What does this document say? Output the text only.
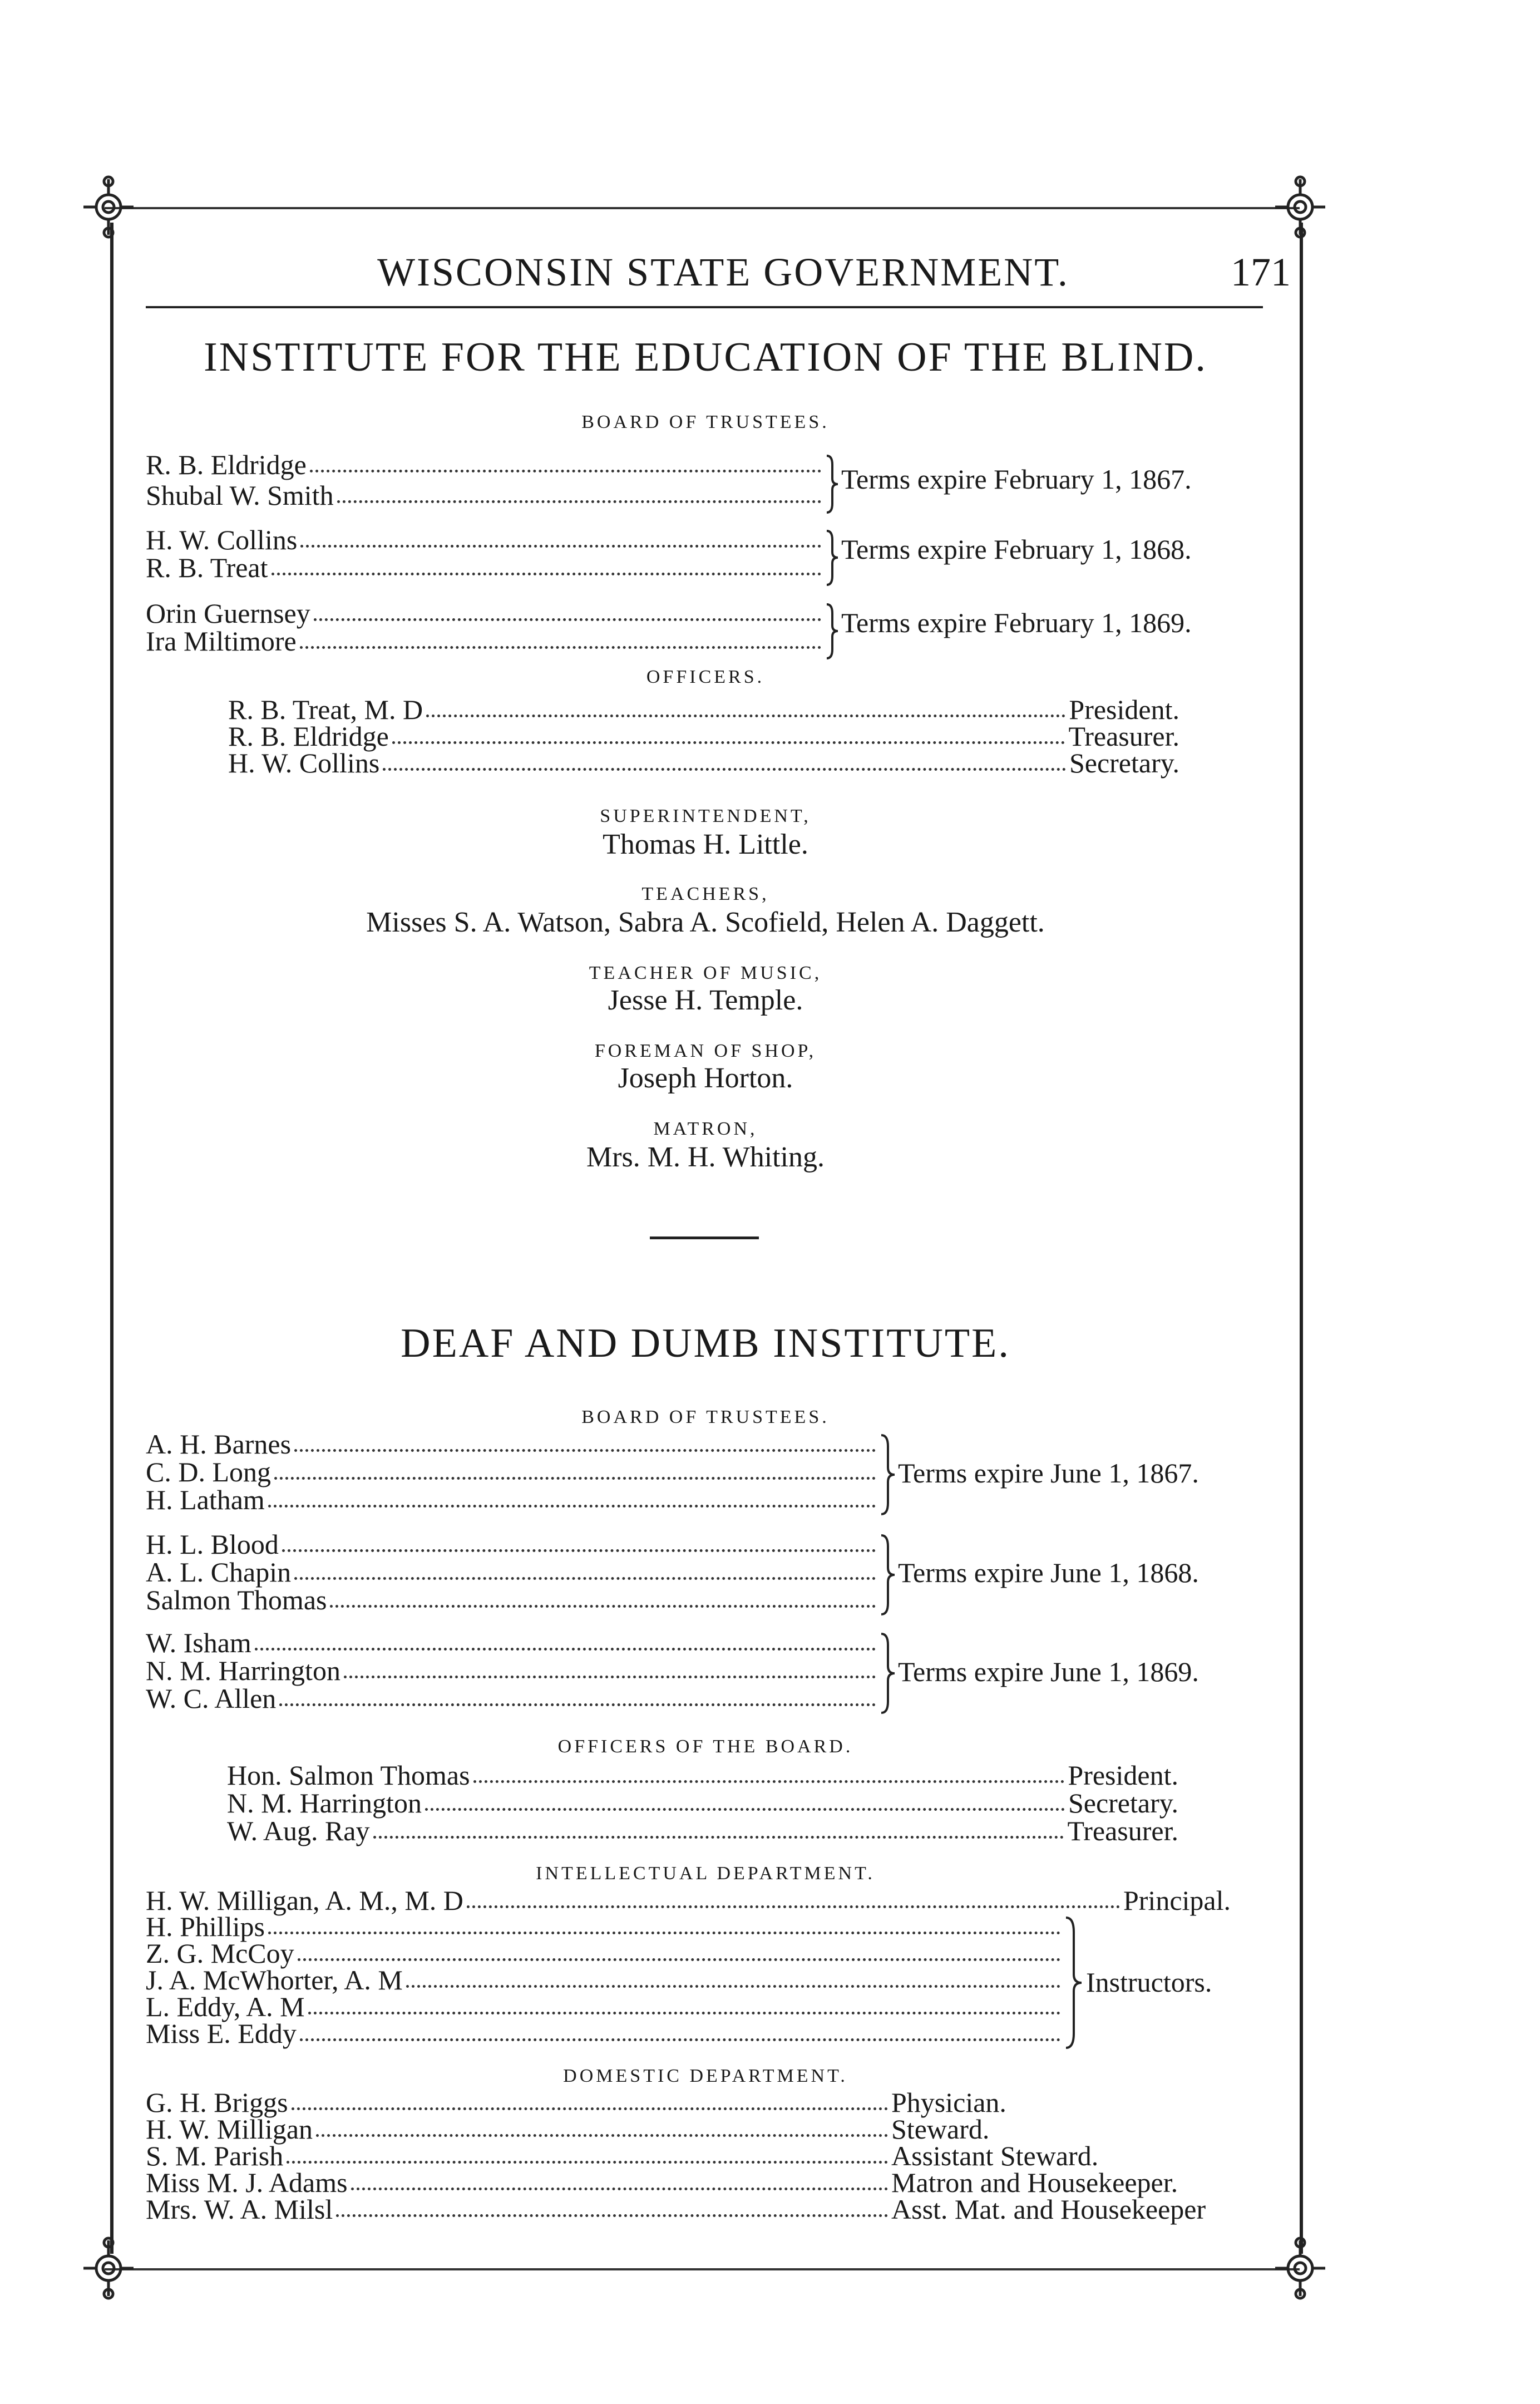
WISCONSIN STATE GOVERNMENT.	171
INSTITUTE FOR THE EDUCATION OF THE BLIND.
BOARD OF TRUSTEES.
R. B. Eldridge
Shubal W. Smith
Terms expire February 1, 1867.
H. W. Collins
R. B. Treat
Terms expire February 1, 1868.
Orin Guernsey
Ira Miltimore
Terms expire February 1, 1869.
OFFICERS.
R. B. Treat, M. D	President.
R. B. Eldridge	Treasurer.
H. W. Collins	Secretary.
SUPERINTENDENT,
Thomas H. Little.
TEACHERS,
Misses S. A. Watson, Sabra A. Scofield, Helen A. Daggett.
TEACHER OF MUSIC,
Jesse H. Temple.
FOREMAN OF SHOP,
Joseph Horton.
MATRON,
Mrs. M. H. Whiting.
DEAF AND DUMB INSTITUTE.
BOARD OF TRUSTEES.
A. H. Barnes
C. D. Long
H. Latham
Terms expire June 1, 1867.
H. L. Blood
A. L. Chapin
Salmon Thomas
Terms expire June 1, 1868.
W. Isham
N. M. Harrington
W. C. Allen
Terms expire June 1, 1869.
OFFICERS OF THE BOARD.
Hon. Salmon Thomas	President.
N. M. Harrington	Secretary.
W. Aug. Ray	Treasurer.
INTELLECTUAL DEPARTMENT.
H. W. Milligan, A. M., M. D	Principal.
H. Phillips
Z. G. McCoy
J. A. McWhorter, A. M
L. Eddy, A. M
Miss E. Eddy
Instructors.
DOMESTIC DEPARTMENT.
G. H. Briggs	Physician.
H. W. Milligan	Steward.
S. M. Parish	Assistant Steward.
Miss M. J. Adams	Matron and Housekeeper.
Mrs. W. A. Milsl	Asst. Mat. and Housekeeper
